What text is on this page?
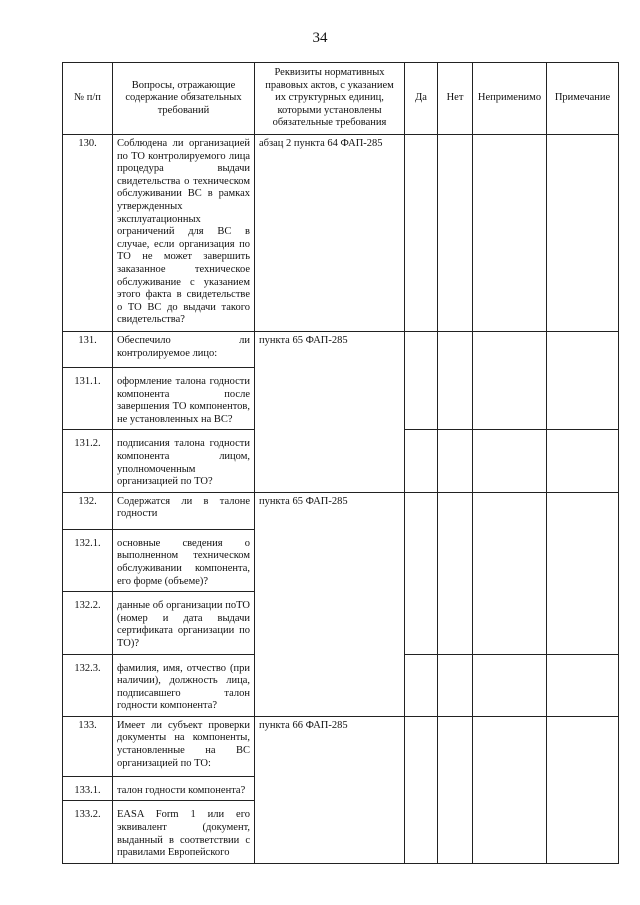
34
№ п/п	Вопросы, отражающие содержание обязательных требований	Реквизиты нормативных правовых актов, с указанием их структурных единиц, которыми установлены обязательные требования	Да	Нет	Неприменимо	Примечание
130.	Соблюдена ли организацией по ТО контролируемого лица процедура выдачи свидетельства о техническом обслуживании ВС в рамках утвержденных эксплуатационных ограничений для ВС в случае, если организация по ТО не может завершить заказанное техническое обслуживание с указанием этого факта в свидетельстве о ТО ВС до выдачи такого свидетельства?	абзац 2 пункта 64 ФАП-285				
131.	Обеспечило ли контролируемое лицо:	пункта 65 ФАП-285				
131.1.	оформление талона годности компонента после завершения ТО компонентов, не установленных на ВС?					
131.2.	подписания талона годности компонента лицом, уполномоченным организацией по ТО?					
132.	Содержатся ли в талоне годности	пункта 65 ФАП-285				
132.1.	основные сведения о выполненном техническом обслуживании компонента, его форме (объеме)?					
132.2.	данные об организации поТО (номер и дата выдачи сертификата организации по ТО)?					
132.3.	фамилия, имя, отчество (при наличии), должность лица, подписавшего талон годности компонента?					
133.	Имеет ли субъект проверки документы на компоненты, установленные на ВС организацией по ТО:	пункта 66 ФАП-285				
133.1.	талон годности компонента?					
133.2.	EASA Form 1 или его эквивалент (документ, выданный в соответствии с правилами Европейского					
